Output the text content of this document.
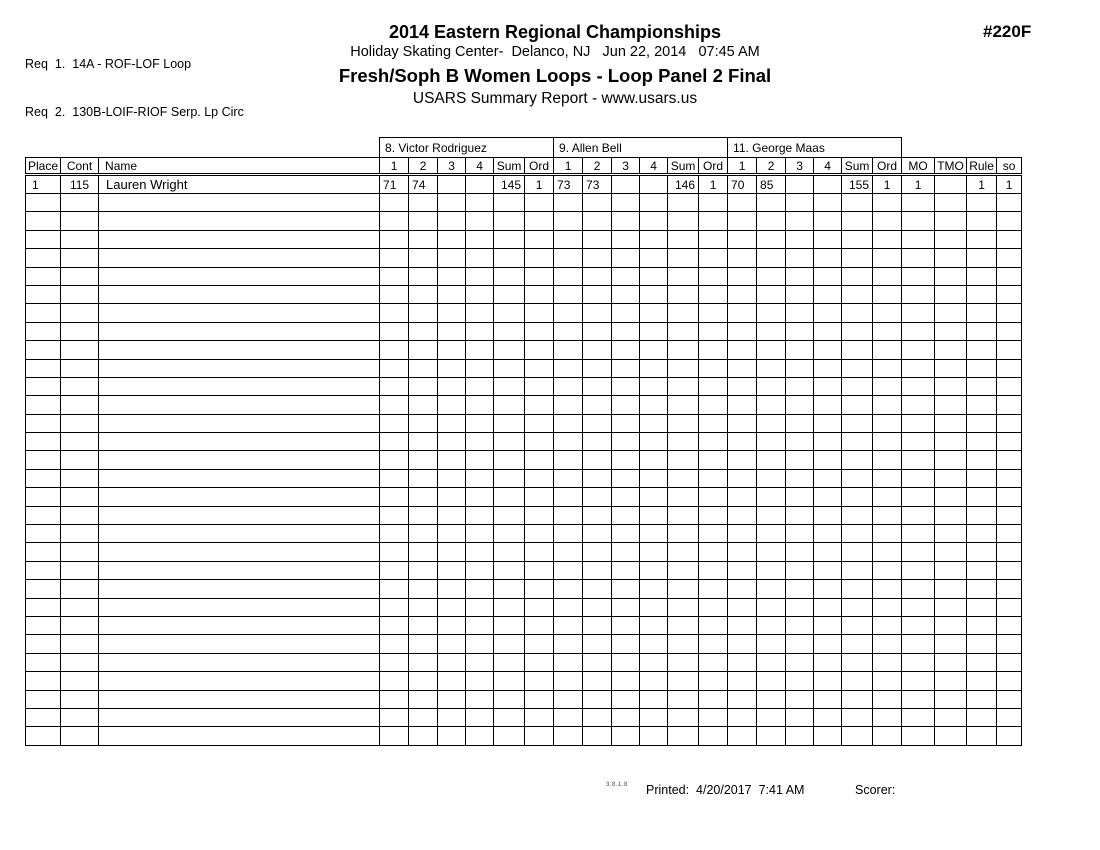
Req  1.  14A - ROF-LOF Loop

Req  2.  130B-LOIF-RIOF Serp. Lp Circ

#220F
2014 Eastern Regional Championships
Holiday Skating Center-  Delanco, NJ   Jun 22, 2014   07:45 AM
Fresh/Soph B Women Loops - Loop Panel 2 Final
USARS Summary Report - www.usars.us
			8. Victor Rodriguez						9. Allen Bell						11. George Maas									
Place	Cont	Name	1	2	3	4	Sum	Ord	1	2	3	4	Sum	Ord	1	2	3	4	Sum	Ord	MO	TMO	Rule	so
1	115	Lauren Wright	71	74			145	1	73	73			146	1	70	85			155	1	1		1	1

3.8.1.8 Printed:  4/20/2017  7:41 AM	Scorer:
